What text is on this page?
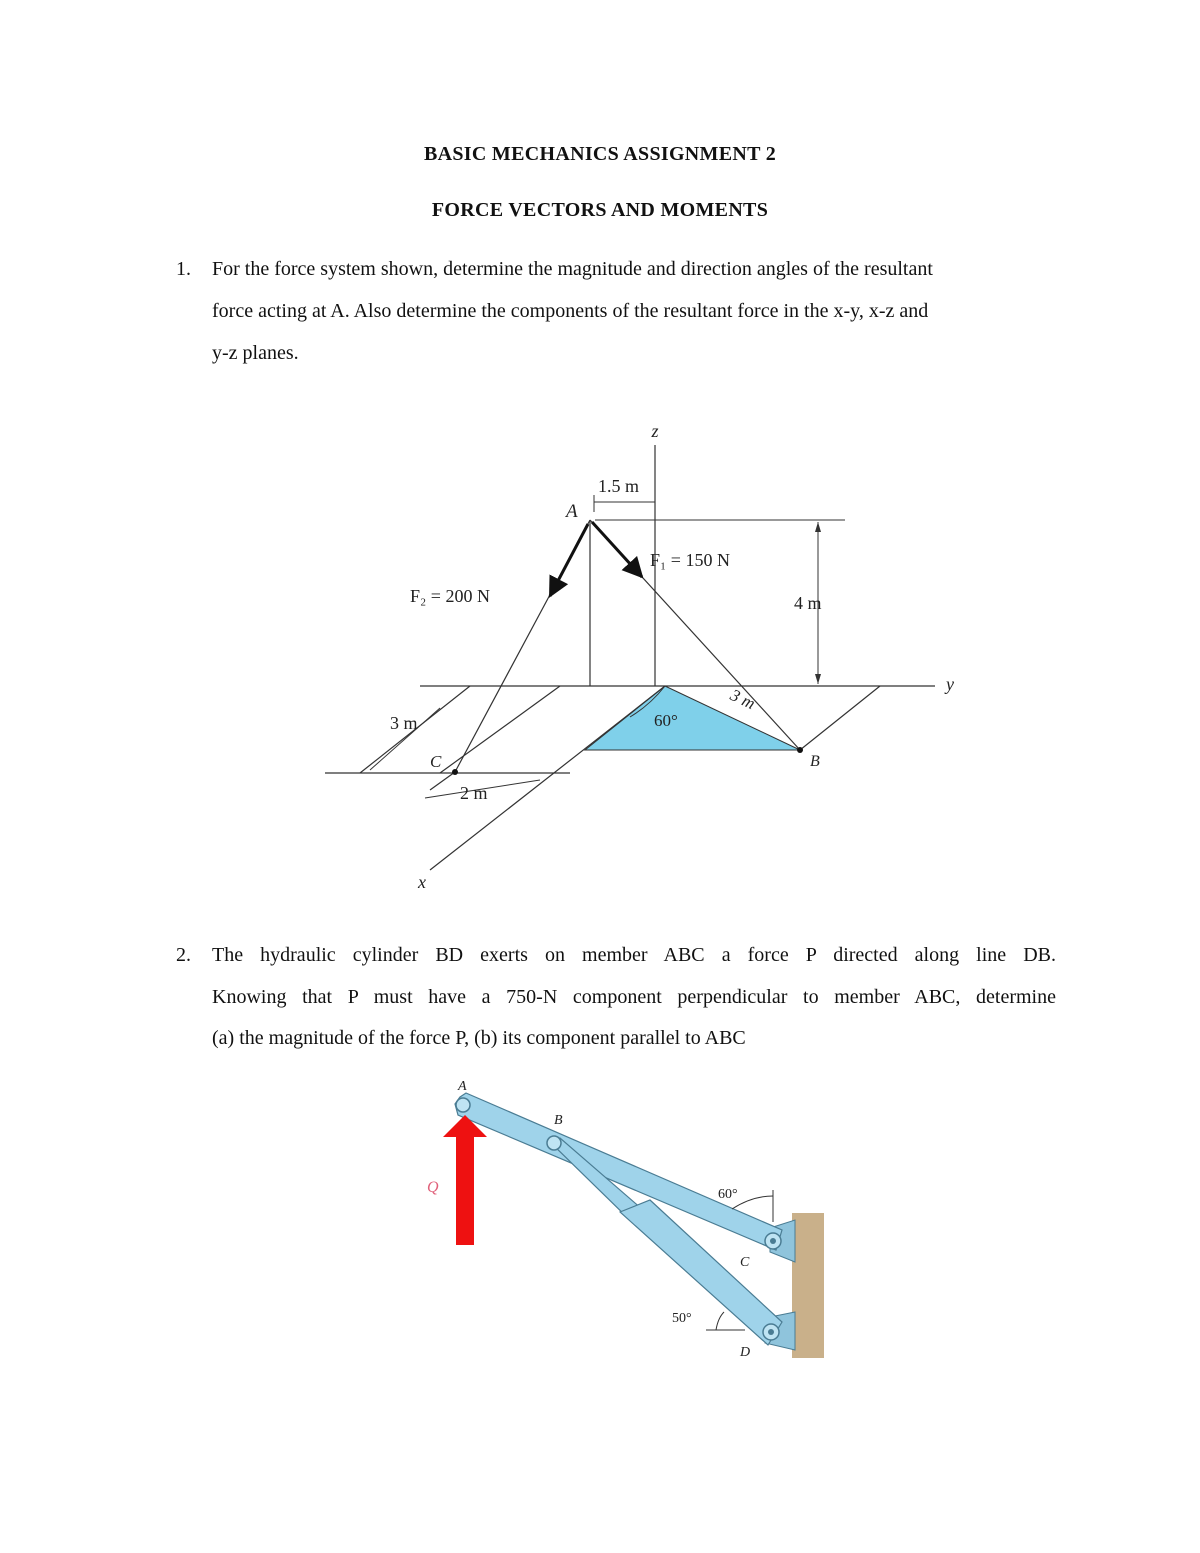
BASIC MECHANICS ASSIGNMENT 2
FORCE VECTORS AND MOMENTS
1. For the force system shown, determine the magnitude and direction angles of the resultant
force acting at A. Also determine the components of the resultant force in the x-y, x-z and
y-z planes.
z
y
x
A
B
C
1.5 m
4 m
3 m
3 m
2 m
60°
F₁ = 150 N
F₂ = 200 N
2. The hydraulic cylinder BD exerts on member ABC a force P directed along line DB.
Knowing that P must have a 750-N component perpendicular to member ABC, determine
(a) the magnitude of the force P, (b) its component parallel to ABC
A
B
C
D
Q	60°
50°
